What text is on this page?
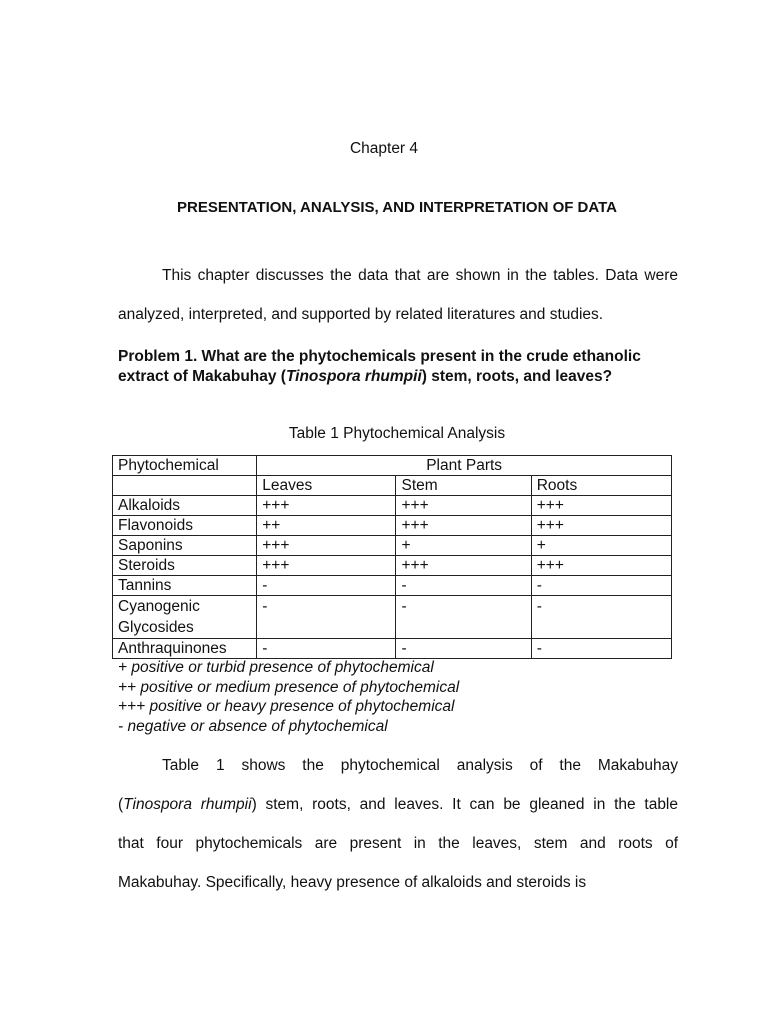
Chapter 4
PRESENTATION, ANALYSIS, AND INTERPRETATION OF DATA
This chapter discusses the data that are shown in the tables. Data were analyzed, interpreted, and supported by related literatures and studies.
Problem 1. What are the phytochemicals present in the crude ethanolic extract of Makabuhay (Tinospora rhumpii) stem, roots, and leaves?
Table 1 Phytochemical Analysis
Phytochemical	Plant Parts		
	Leaves	Stem	Roots
Alkaloids	+++	+++	+++
Flavonoids	++	+++	+++
Saponins	+++	+	+
Steroids	+++	+++	+++
Tannins	-	-	-
Cyanogenic
Glycosides	-	-	-
Anthraquinones	-	-	-
+ positive or turbid presence of phytochemical
++ positive or medium presence of phytochemical
+++ positive or heavy presence of phytochemical
- negative or absence of phytochemical
Table 1 shows the phytochemical analysis of the Makabuhay
(Tinospora rhumpii) stem, roots, and leaves. It can be gleaned in the table
that four phytochemicals are present in the leaves, stem and roots of
Makabuhay. Specifically, heavy presence of alkaloids and steroids is
